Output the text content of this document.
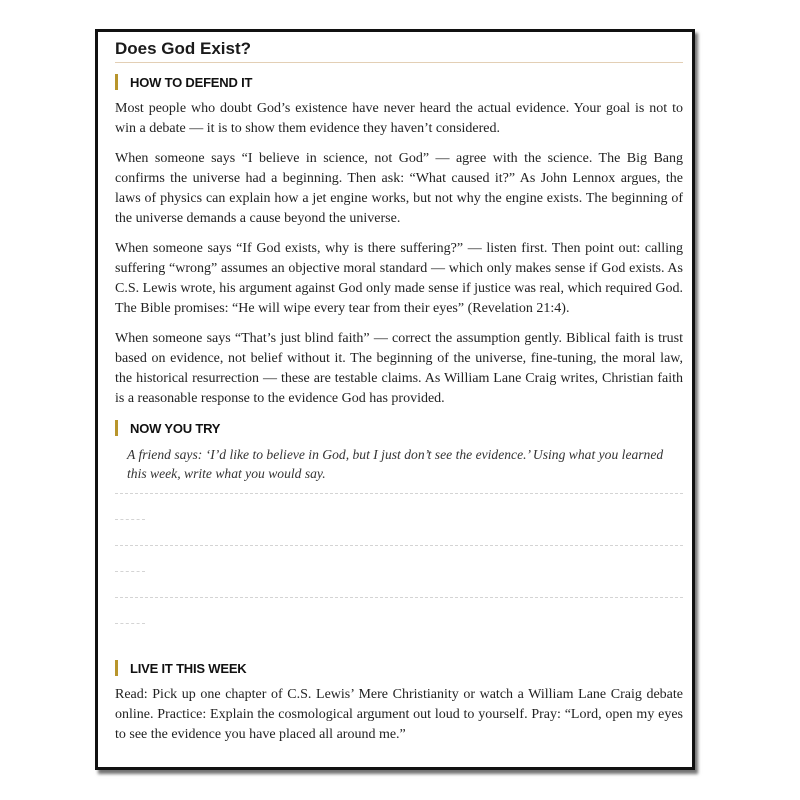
Does God Exist?
HOW TO DEFEND IT

Most people who doubt God’s existence have never heard the actual evidence. Your goal is not to win a debate — it is to show them evidence they haven’t considered.

When someone says “I believe in science, not God” — agree with the science. The Big Bang confirms the universe had a beginning. Then ask: “What caused it?” As John Lennox argues, the laws of physics can explain how a jet engine works, but not why the engine exists. The beginning of the universe demands a cause beyond the universe.

When someone says “If God exists, why is there suffering?” — listen first. Then point out: calling suffering “wrong” assumes an objective moral standard — which only makes sense if God exists. As C.S. Lewis wrote, his argument against God only made sense if justice was real, which required God. The Bible promises: “He will wipe every tear from their eyes” (Revelation 21:4).

When someone says “That’s just blind faith” — correct the assumption gently. Biblical faith is trust based on evidence, not belief without it. The beginning of the universe, fine-tuning, the moral law, the historical resurrection — these are testable claims. As William Lane Craig writes, Christian faith is a reasonable response to the evidence God has provided.

NOW YOU TRY

A friend says: ‘I’d like to believe in God, but I just don’t see the evidence.’ Using what you learned this week, write what you would say.

LIVE IT THIS WEEK

Read: Pick up one chapter of C.S. Lewis’ Mere Christianity or watch a William Lane Craig debate online. Practice: Explain the cosmological argument out loud to yourself. Pray: “Lord, open my eyes to see the evidence you have placed all around me.”
